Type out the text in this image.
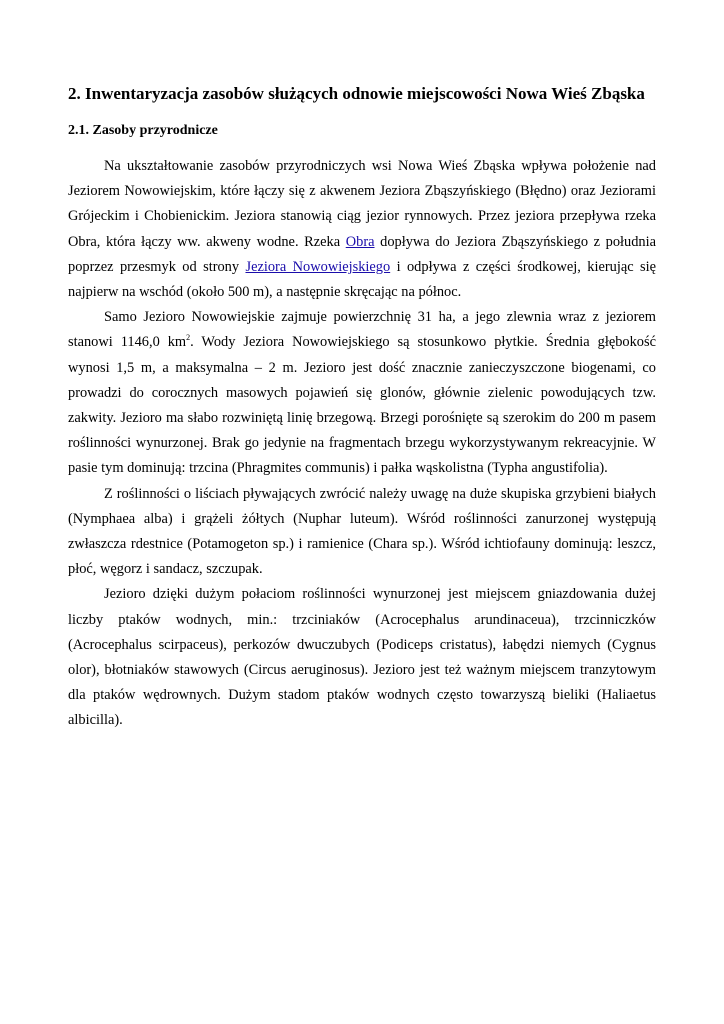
2. Inwentaryzacja zasobów służących odnowie miejscowości Nowa Wieś Zbąska
2.1. Zasoby przyrodnicze

Na ukształtowanie zasobów przyrodniczych wsi Nowa Wieś Zbąska wpływa położenie nad Jeziorem Nowowiejskim, które łączy się z akwenem Jeziora Zbąszyńskiego (Błędno) oraz Jeziorami Grójeckim i Chobienickim. Jeziora stanowią ciąg jezior rynnowych. Przez jeziora przepływa rzeka Obra, która łączy ww. akweny wodne. Rzeka Obra dopływa do Jeziora Zbąszyńskiego z południa poprzez przesmyk od strony Jeziora Nowowiejskiego i odpływa z części środkowej, kierując się najpierw na wschód (około 500 m), a następnie skręcając na północ.

Samo Jezioro Nowowiejskie zajmuje powierzchnię 31 ha, a jego zlewnia wraz z jeziorem stanowi 1146,0 $km^2$. Wody Jeziora Nowowiejskiego są stosunkowo płytkie. Średnia głębokość wynosi 1,5 m, a maksymalna – 2 m. Jezioro jest dość znacznie zanieczyszczone biogenami, co prowadzi do corocznych masowych pojawień się glonów, głównie zielenic powodujących tzw. zakwity. Jezioro ma słabo rozwiniętą linię brzegową. Brzegi porośnięte są szerokim do 200 m pasem roślinności wynurzonej. Brak go jedynie na fragmentach brzegu wykorzystywanym rekreacyjnie. W pasie tym dominują: trzcina (Phragmites communis) i pałka wąskolistna (Typha angustifolia).

Z roślinności o liściach pływających zwrócić należy uwagę na duże skupiska grzybieni białych (Nymphaea alba) i grążeli żółtych (Nuphar luteum). Wśród roślinności zanurzonej występują zwłaszcza rdestnice (Potamogeton sp.) i ramienice (Chara sp.). Wśród ichtiofauny dominują: leszcz, płoć, węgorz i sandacz, szczupak.

Jezioro dzięki dużym połaciom roślinności wynurzonej jest miejscem gniazdowania dużej liczby ptaków wodnych, min.: trzciniaków (Acrocephalus arundinaceua), trzcinniczków (Acrocephalus scirpaceus), perkozów dwuczubych (Podiceps cristatus), łabędzi niemych (Cygnus olor), błotniaków stawowych (Circus aeruginosus). Jezioro jest też ważnym miejscem tranzytowym dla ptaków wędrownych. Dużym stadom ptaków wodnych często towarzyszą bieliki (Haliaetus albicilla).
